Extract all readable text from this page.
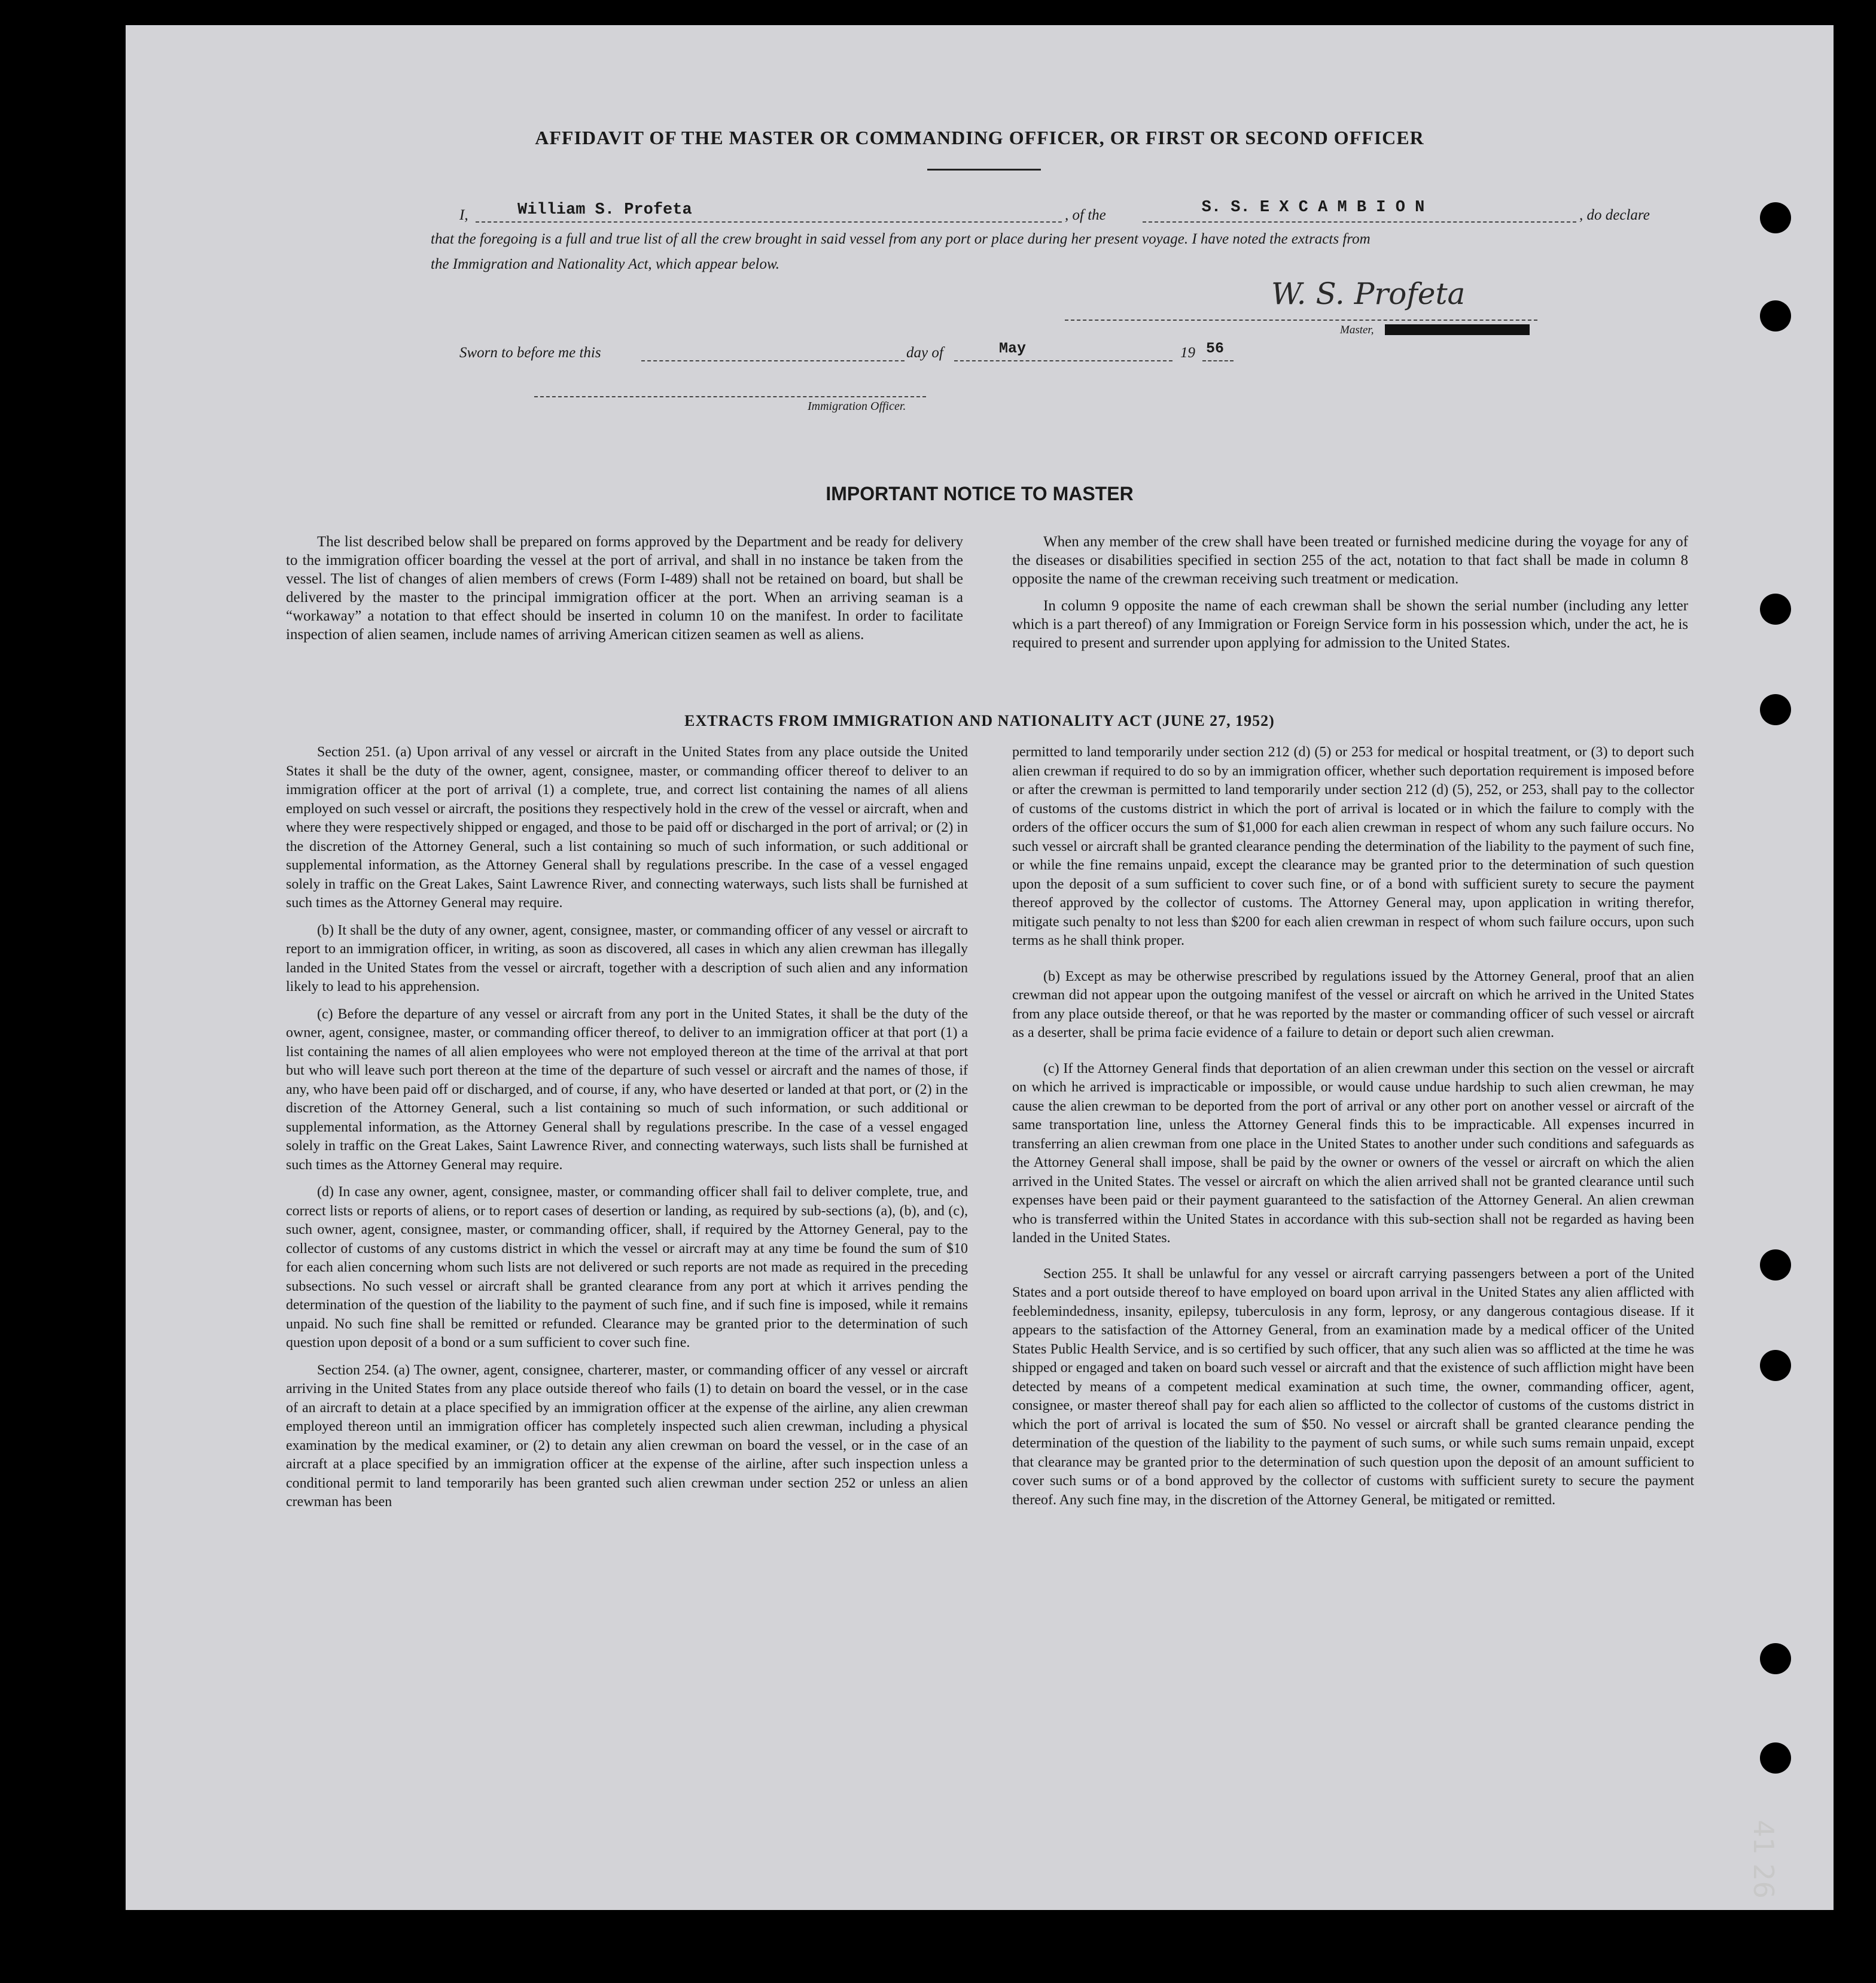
AFFIDAVIT OF THE MASTER OR COMMANDING OFFICER, OR FIRST OR SECOND OFFICER
I,	William S. Profeta	, of the	S. S. E X C A M B I O N	, do declare
that the foregoing is a full and true list of all the crew brought in said vessel from any port or place during her present voyage. I have noted the extracts from
the Immigration and Nationality Act, which appear below.
W. S. Profeta
Master,
Sworn to before me this	day of	May	19 56
Immigration Officer.
IMPORTANT NOTICE TO MASTER

The list described below shall be prepared on forms approved by the Department and be ready for delivery to the immigration officer boarding the vessel at the port of arrival, and shall in no instance be taken from the vessel. The list of changes of alien members of crews (Form I-489) shall not be retained on board, but shall be delivered by the master to the principal immigration officer at the port. When an arriving seaman is a “workaway” a notation to that effect should be inserted in column 10 on the manifest. In order to facilitate inspection of alien seamen, include names of arriving American citizen seamen as well as aliens.

When any member of the crew shall have been treated or furnished medicine during the voyage for any of the diseases or disabilities specified in section 255 of the act, notation to that fact shall be made in column 8 opposite the name of the crewman receiving such treatment or medication.

In column 9 opposite the name of each crewman shall be shown the serial number (including any letter which is a part thereof) of any Immigration or Foreign Service form in his possession which, under the act, he is required to present and surrender upon applying for admission to the United States.

EXTRACTS FROM IMMIGRATION AND NATIONALITY ACT (JUNE 27, 1952)

Section 251. (a) Upon arrival of any vessel or aircraft in the United States from any place outside the United States it shall be the duty of the owner, agent, consignee, master, or commanding officer thereof to deliver to an immigration officer at the port of arrival (1) a complete, true, and correct list containing the names of all aliens employed on such vessel or aircraft, the positions they respectively hold in the crew of the vessel or aircraft, when and where they were respectively shipped or engaged, and those to be paid off or discharged in the port of arrival; or (2) in the discretion of the Attorney General, such a list containing so much of such information, or such additional or supplemental information, as the Attorney General shall by regulations prescribe. In the case of a vessel engaged solely in traffic on the Great Lakes, Saint Lawrence River, and connecting waterways, such lists shall be furnished at such times as the Attorney General may require.

(b) It shall be the duty of any owner, agent, consignee, master, or commanding officer of any vessel or aircraft to report to an immigration officer, in writing, as soon as discovered, all cases in which any alien crewman has illegally landed in the United States from the vessel or aircraft, together with a description of such alien and any information likely to lead to his apprehension.

(c) Before the departure of any vessel or aircraft from any port in the United States, it shall be the duty of the owner, agent, consignee, master, or commanding officer thereof, to deliver to an immigration officer at that port (1) a list containing the names of all alien employees who were not employed thereon at the time of the arrival at that port but who will leave such port thereon at the time of the departure of such vessel or aircraft and the names of those, if any, who have been paid off or discharged, and of course, if any, who have deserted or landed at that port, or (2) in the discretion of the Attorney General, such a list containing so much of such information, or such additional or supplemental information, as the Attorney General shall by regulations prescribe. In the case of a vessel engaged solely in traffic on the Great Lakes, Saint Lawrence River, and connecting waterways, such lists shall be furnished at such times as the Attorney General may require.

(d) In case any owner, agent, consignee, master, or commanding officer shall fail to deliver complete, true, and correct lists or reports of aliens, or to report cases of desertion or landing, as required by sub-sections (a), (b), and (c), such owner, agent, consignee, master, or commanding officer, shall, if required by the Attorney General, pay to the collector of customs of any customs district in which the vessel or aircraft may at any time be found the sum of $10 for each alien concerning whom such lists are not delivered or such reports are not made as required in the preceding subsections. No such vessel or aircraft shall be granted clearance from any port at which it arrives pending the determination of the question of the liability to the payment of such fine, and if such fine is imposed, while it remains unpaid. No such fine shall be remitted or refunded. Clearance may be granted prior to the determination of such question upon deposit of a bond or a sum sufficient to cover such fine.

Section 254. (a) The owner, agent, consignee, charterer, master, or commanding officer of any vessel or aircraft arriving in the United States from any place outside thereof who fails (1) to detain on board the vessel, or in the case of an aircraft to detain at a place specified by an immigration officer at the expense of the airline, any alien crewman employed thereon until an immigration officer has completely inspected such alien crewman, including a physical examination by the medical examiner, or (2) to detain any alien crewman on board the vessel, or in the case of an aircraft at a place specified by an immigration officer at the expense of the airline, after such inspection unless a conditional permit to land temporarily has been granted such alien crewman under section 252 or unless an alien crewman has been

permitted to land temporarily under section 212 (d) (5) or 253 for medical or hospital treatment, or (3) to deport such alien crewman if required to do so by an immigration officer, whether such deportation requirement is imposed before or after the crewman is permitted to land temporarily under section 212 (d) (5), 252, or 253, shall pay to the collector of customs of the customs district in which the port of arrival is located or in which the failure to comply with the orders of the officer occurs the sum of $1,000 for each alien crewman in respect of whom any such failure occurs. No such vessel or aircraft shall be granted clearance pending the determination of the liability to the payment of such fine, or while the fine remains unpaid, except the clearance may be granted prior to the determination of such question upon the deposit of a sum sufficient to cover such fine, or of a bond with sufficient surety to secure the payment thereof approved by the collector of customs. The Attorney General may, upon application in writing therefor, mitigate such penalty to not less than $200 for each alien crewman in respect of whom such failure occurs, upon such terms as he shall think proper.

(b) Except as may be otherwise prescribed by regulations issued by the Attorney General, proof that an alien crewman did not appear upon the outgoing manifest of the vessel or aircraft on which he arrived in the United States from any place outside thereof, or that he was reported by the master or commanding officer of such vessel or aircraft as a deserter, shall be prima facie evidence of a failure to detain or deport such alien crewman.

(c) If the Attorney General finds that deportation of an alien crewman under this section on the vessel or aircraft on which he arrived is impracticable or impossible, or would cause undue hardship to such alien crewman, he may cause the alien crewman to be deported from the port of arrival or any other port on another vessel or aircraft of the same transportation line, unless the Attorney General finds this to be impracticable. All expenses incurred in transferring an alien crewman from one place in the United States to another under such conditions and safeguards as the Attorney General shall impose, shall be paid by the owner or owners of the vessel or aircraft on which the alien arrived in the United States. The vessel or aircraft on which the alien arrived shall not be granted clearance until such expenses have been paid or their payment guaranteed to the satisfaction of the Attorney General. An alien crewman who is transferred within the United States in accordance with this sub-section shall not be regarded as having been landed in the United States.

Section 255. It shall be unlawful for any vessel or aircraft carrying passengers between a port of the United States and a port outside thereof to have employed on board upon arrival in the United States any alien afflicted with feeblemindedness, insanity, epilepsy, tuberculosis in any form, leprosy, or any dangerous contagious disease. If it appears to the satisfaction of the Attorney General, from an examination made by a medical officer of the United States Public Health Service, and is so certified by such officer, that any such alien was so afflicted at the time he was shipped or engaged and taken on board such vessel or aircraft and that the existence of such affliction might have been detected by means of a competent medical examination at such time, the owner, commanding officer, agent, consignee, or master thereof shall pay for each alien so afflicted to the collector of customs of the customs district in which the port of arrival is located the sum of $50. No vessel or aircraft shall be granted clearance pending the determination of the question of the liability to the payment of such sums, or while such sums remain unpaid, except that clearance may be granted prior to the determination of such question upon the deposit of an amount sufficient to cover such sums or of a bond approved by the collector of customs with sufficient surety to secure the payment thereof. Any such fine may, in the discretion of the Attorney General, be mitigated or remitted.

41 26
